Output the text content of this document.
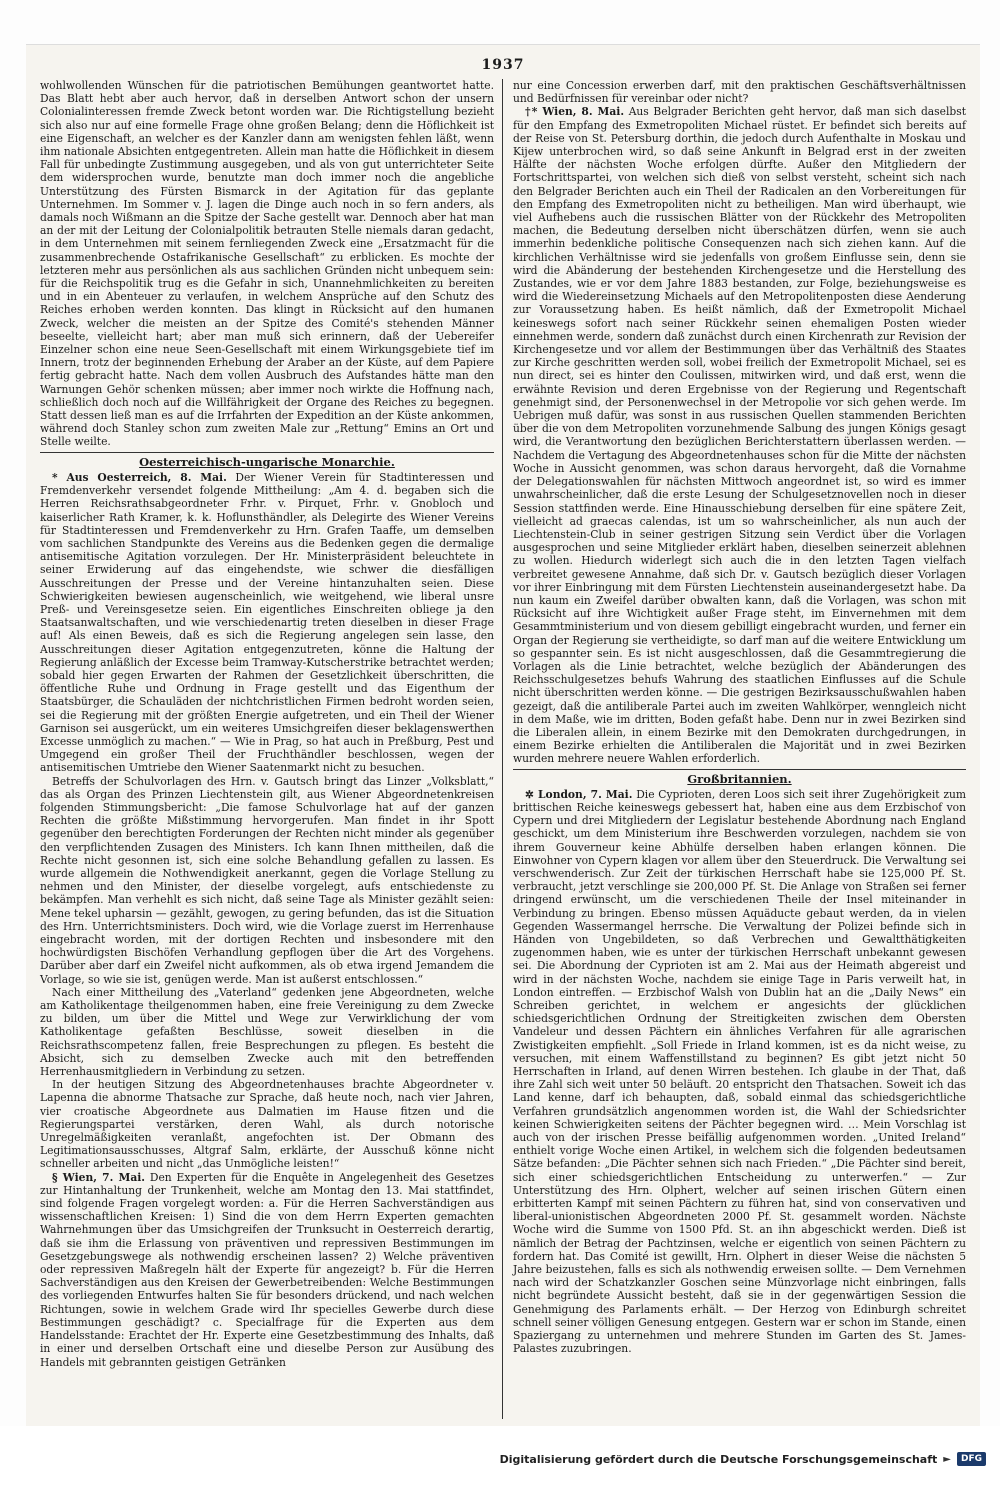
1937

wohlwollenden Wünschen für die patriotischen Bemühungen geantwortet hatte. Das Blatt hebt aber auch hervor, daß in derselben Antwort schon der unsern Colonialinteressen fremde Zweck betont worden war. Die Richtigstellung bezieht sich also nur auf eine formelle Frage ohne großen Belang; denn die Höflichkeit ist eine Eigenschaft, an welcher es der Kanzler dann am wenigsten fehlen läßt, wenn ihm nationale Absichten entgegentreten. Allein man hatte die Höflichkeit in diesem Fall für unbedingte Zustimmung ausgegeben, und als von gut unterrichteter Seite dem widersprochen wurde, benutzte man doch immer noch die angebliche Unterstützung des Fürsten Bismarck in der Agitation für das geplante Unternehmen. Im Sommer v. J. lagen die Dinge auch noch in so fern anders, als damals noch Wißmann an die Spitze der Sache gestellt war. Dennoch aber hat man an der mit der Leitung der Colonialpolitik betrauten Stelle niemals daran gedacht, in dem Unternehmen mit seinem fernliegenden Zweck eine „Ersatzmacht für die zusammenbrechende Ostafrikanische Gesellschaft“ zu erblicken. Es mochte der letzteren mehr aus persönlichen als aus sachlichen Gründen nicht unbequem sein: für die Reichspolitik trug es die Gefahr in sich, Unannehmlichkeiten zu bereiten und in ein Abenteuer zu verlaufen, in welchem Ansprüche auf den Schutz des Reiches erhoben werden konnten. Das klingt in Rücksicht auf den humanen Zweck, welcher die meisten an der Spitze des Comité's stehenden Männer beseelte, vielleicht hart; aber man muß sich erinnern, daß der Uebereifer Einzelner schon eine neue Seen-Gesellschaft mit einem Wirkungsgebiete tief im Innern, trotz der beginnenden Erhebung der Araber an der Küste, auf dem Papiere fertig gebracht hatte. Nach dem vollen Ausbruch des Aufstandes hätte man den Warnungen Gehör schenken müssen; aber immer noch wirkte die Hoffnung nach, schließlich doch noch auf die Willfährigkeit der Organe des Reiches zu begegnen. Statt dessen ließ man es auf die Irrfahrten der Expedition an der Küste ankommen, während doch Stanley schon zum zweiten Male zur „Rettung“ Emins an Ort und Stelle weilte.

Oesterreichisch-ungarische Monarchie.

* Aus Oesterreich, 8. Mai. Der Wiener Verein für Stadtinteressen und Fremdenverkehr versendet folgende Mittheilung: „Am 4. d. begaben sich die Herren Reichsrathsabgeordneter Frhr. v. Pirquet, Frhr. v. Gnobloch und kaiserlicher Rath Kramer, k. k. Hoflunsthändler, als Delegirte des Wiener Vereins für Stadtinteressen und Fremdenverkehr zu Hrn. Grafen Taaffe, um demselben vom sachlichen Standpunkte des Vereins aus die Bedenken gegen die dermalige antisemitische Agitation vorzulegen. Der Hr. Ministerpräsident beleuchtete in seiner Erwiderung auf das eingehendste, wie schwer die diesfälligen Ausschreitungen der Presse und der Vereine hintanzuhalten seien. Diese Schwierigkeiten bewiesen augenscheinlich, wie weitgehend, wie liberal unsre Preß- und Vereinsgesetze seien. Ein eigentliches Einschreiten obliege ja den Staatsanwaltschaften, und wie verschiedenartig treten dieselben in dieser Frage auf! Als einen Beweis, daß es sich die Regierung angelegen sein lasse, den Ausschreitungen dieser Agitation entgegenzutreten, könne die Haltung der Regierung anläßlich der Excesse beim Tramway-Kutscherstrike betrachtet werden; sobald hier gegen Erwarten der Rahmen der Gesetzlichkeit überschritten, die öffentliche Ruhe und Ordnung in Frage gestellt und das Eigenthum der Staatsbürger, die Schauläden der nichtchristlichen Firmen bedroht worden seien, sei die Regierung mit der größten Energie aufgetreten, und ein Theil der Wiener Garnison sei ausgerückt, um ein weiteres Umsichgreifen dieser beklagenswerthen Excesse unmöglich zu machen.“ — Wie in Prag, so hat auch in Preßburg, Pest und Umgegend ein großer Theil der Fruchthändler beschlossen, wegen der antisemitischen Umtriebe den Wiener Saatenmarkt nicht zu besuchen.

Betreffs der Schulvorlagen des Hrn. v. Gautsch bringt das Linzer „Volksblatt,“ das als Organ des Prinzen Liechtenstein gilt, aus Wiener Abgeordnetenkreisen folgenden Stimmungsbericht: „Die famose Schulvorlage hat auf der ganzen Rechten die größte Mißstimmung hervorgerufen. Man findet in ihr Spott gegenüber den berechtigten Forderungen der Rechten nicht minder als gegenüber den verpflichtenden Zusagen des Ministers. Ich kann Ihnen mittheilen, daß die Rechte nicht gesonnen ist, sich eine solche Behandlung gefallen zu lassen. Es wurde allgemein die Nothwendigkeit anerkannt, gegen die Vorlage Stellung zu nehmen und den Minister, der dieselbe vorgelegt, aufs entschiedenste zu bekämpfen. Man verhehlt es sich nicht, daß seine Tage als Minister gezählt seien: Mene tekel upharsin — gezählt, gewogen, zu gering befunden, das ist die Situation des Hrn. Unterrichtsministers. Doch wird, wie die Vorlage zuerst im Herrenhause eingebracht worden, mit der dortigen Rechten und insbesondere mit den hochwürdigsten Bischöfen Verhandlung gepflogen über die Art des Vorgehens. Darüber aber darf ein Zweifel nicht aufkommen, als ob etwa irgend Jemandem die Vorlage, so wie sie ist, genügen werde. Man ist außerst entschlossen.“

Nach einer Mittheilung des „Vaterland“ gedenken jene Abgeordneten, welche am Katholikentage theilgenommen haben, eine freie Vereinigung zu dem Zwecke zu bilden, um über die Mittel und Wege zur Verwirklichung der vom Katholikentage gefaßten Beschlüsse, soweit dieselben in die Reichsrathscompetenz fallen, freie Besprechungen zu pflegen. Es besteht die Absicht, sich zu demselben Zwecke auch mit den betreffenden Herrenhausmitgliedern in Verbindung zu setzen.

In der heutigen Sitzung des Abgeordnetenhauses brachte Abgeordneter v. Lapenna die abnorme Thatsache zur Sprache, daß heute noch, nach vier Jahren, vier croatische Abgeordnete aus Dalmatien im Hause fitzen und die Regierungspartei verstärken, deren Wahl, als durch notorische Unregelmäßigkeiten veranlaßt, angefochten ist. Der Obmann des Legitimationsausschusses, Altgraf Salm, erklärte, der Ausschuß könne nicht schneller arbeiten und nicht „das Unmögliche leisten!“

§ Wien, 7. Mai. Den Experten für die Enquête in Angelegenheit des Gesetzes zur Hintanhaltung der Trunkenheit, welche am Montag den 13. Mai stattfindet, sind folgende Fragen vorgelegt worden: a. Für die Herren Sachverständigen aus wissenschaftlichen Kreisen: 1) Sind die von dem Herrn Experten gemachten Wahrnehmungen über das Umsichgreifen der Trunksucht in Oesterreich derartig, daß sie ihm die Erlassung von präventiven und repressiven Bestimmungen im Gesetzgebungswege als nothwendig erscheinen lassen? 2) Welche präventiven oder repressiven Maßregeln hält der Experte für angezeigt? b. Für die Herren Sachverständigen aus den Kreisen der Gewerbetreibenden: Welche Bestimmungen des vorliegenden Entwurfes halten Sie für besonders drückend, und nach welchen Richtungen, sowie in welchem Grade wird Ihr specielles Gewerbe durch diese Bestimmungen geschädigt? c. Specialfrage für die Experten aus dem Handelsstande: Erachtet der Hr. Experte eine Gesetzbestimmung des Inhalts, daß in einer und derselben Ortschaft eine und dieselbe Person zur Ausübung des Handels mit gebrannten geistigen Getränken

nur eine Concession erwerben darf, mit den praktischen Geschäftsverhältnissen und Bedürfnissen für vereinbar oder nicht?

†* Wien, 8. Mai. Aus Belgrader Berichten geht hervor, daß man sich daselbst für den Empfang des Exmetropoliten Michael rüstet. Er befindet sich bereits auf der Reise von St. Petersburg dorthin, die jedoch durch Aufenthalte in Moskau und Kijew unterbrochen wird, so daß seine Ankunft in Belgrad erst in der zweiten Hälfte der nächsten Woche erfolgen dürfte. Außer den Mitgliedern der Fortschrittspartei, von welchen sich dieß von selbst versteht, scheint sich nach den Belgrader Berichten auch ein Theil der Radicalen an den Vorbereitungen für den Empfang des Exmetropoliten nicht zu betheiligen. Man wird überhaupt, wie viel Aufhebens auch die russischen Blätter von der Rückkehr des Metropoliten machen, die Bedeutung derselben nicht überschätzen dürfen, wenn sie auch immerhin bedenkliche politische Consequenzen nach sich ziehen kann. Auf die kirchlichen Verhältnisse wird sie jedenfalls von großem Einflusse sein, denn sie wird die Abänderung der bestehenden Kirchengesetze und die Herstellung des Zustandes, wie er vor dem Jahre 1883 bestanden, zur Folge, beziehungsweise es wird die Wiedereinsetzung Michaels auf den Metropolitenposten diese Aenderung zur Voraussetzung haben. Es heißt nämlich, daß der Exmetropolit Michael keineswegs sofort nach seiner Rückkehr seinen ehemaligen Posten wieder einnehmen werde, sondern daß zunächst durch einen Kirchenrath zur Revision der Kirchengesetze und vor allem der Bestimmungen über das Verhältniß des Staates zur Kirche geschritten werden soll, wobei freilich der Exmetropolit Michael, sei es nun direct, sei es hinter den Coulissen, mitwirken wird, und daß erst, wenn die erwähnte Revision und deren Ergebnisse von der Regierung und Regentschaft genehmigt sind, der Personenwechsel in der Metropolie vor sich gehen werde. Im Uebrigen muß dafür, was sonst in aus russischen Quellen stammenden Berichten über die von dem Metropoliten vorzunehmende Salbung des jungen Königs gesagt wird, die Verantwortung den bezüglichen Berichterstattern überlassen werden. — Nachdem die Vertagung des Abgeordnetenhauses schon für die Mitte der nächsten Woche in Aussicht genommen, was schon daraus hervorgeht, daß die Vornahme der Delegationswahlen für nächsten Mittwoch angeordnet ist, so wird es immer unwahrscheinlicher, daß die erste Lesung der Schulgesetznovellen noch in dieser Session stattfinden werde. Eine Hinausschiebung derselben für eine spätere Zeit, vielleicht ad graecas calendas, ist um so wahrscheinlicher, als nun auch der Liechtenstein-Club in seiner gestrigen Sitzung sein Verdict über die Vorlagen ausgesprochen und seine Mitglieder erklärt haben, dieselben seinerzeit ablehnen zu wollen. Hiedurch widerlegt sich auch die in den letzten Tagen vielfach verbreitet gewesene Annahme, daß sich Dr. v. Gautsch bezüglich dieser Vorlagen vor ihrer Einbringung mit dem Fürsten Liechtenstein auseinandergesetzt habe. Da nun kaum ein Zweifel darüber obwalten kann, daß die Vorlagen, was schon mit Rücksicht auf ihre Wichtigkeit außer Frage steht, im Einvernehmen mit dem Gesammtministerium und von diesem gebilligt eingebracht wurden, und ferner ein Organ der Regierung sie vertheidigte, so darf man auf die weitere Entwicklung um so gespannter sein. Es ist nicht ausgeschlossen, daß die Gesammtregierung die Vorlagen als die Linie betrachtet, welche bezüglich der Abänderungen des Reichsschulgesetzes behufs Wahrung des staatlichen Einflusses auf die Schule nicht überschritten werden könne. — Die gestrigen Bezirksausschußwahlen haben gezeigt, daß die antiliberale Partei auch im zweiten Wahlkörper, wenngleich nicht in dem Maße, wie im dritten, Boden gefaßt habe. Denn nur in zwei Bezirken sind die Liberalen allein, in einem Bezirke mit den Demokraten durchgedrungen, in einem Bezirke erhielten die Antiliberalen die Majorität und in zwei Bezirken wurden mehrere neuere Wahlen erforderlich.

Großbritannien.

✲ London, 7. Mai. Die Cyprioten, deren Loos sich seit ihrer Zugehörigkeit zum brittischen Reiche keineswegs gebessert hat, haben eine aus dem Erzbischof von Cypern und drei Mitgliedern der Legislatur bestehende Abordnung nach England geschickt, um dem Ministerium ihre Beschwerden vorzulegen, nachdem sie von ihrem Gouverneur keine Abhülfe derselben haben erlangen können. Die Einwohner von Cypern klagen vor allem über den Steuerdruck. Die Verwaltung sei verschwenderisch. Zur Zeit der türkischen Herrschaft habe sie 125,000 Pf. St. verbraucht, jetzt verschlinge sie 200,000 Pf. St. Die Anlage von Straßen sei ferner dringend erwünscht, um die verschiedenen Theile der Insel miteinander in Verbindung zu bringen. Ebenso müssen Aquäducte gebaut werden, da in vielen Gegenden Wassermangel herrsche. Die Verwaltung der Polizei befinde sich in Händen von Ungebildeten, so daß Verbrechen und Gewaltthätigkeiten zugenommen haben, wie es unter der türkischen Herrschaft unbekannt gewesen sei. Die Abordnung der Cyprioten ist am 2. Mai aus der Heimath abgereist und wird in der nächsten Woche, nachdem sie einige Tage in Paris verweilt hat, in London eintreffen. — Erzbischof Walsh von Dublin hat an die „Daily News“ ein Schreiben gerichtet, in welchem er angesichts der glücklichen schiedsgerichtlichen Ordnung der Streitigkeiten zwischen dem Obersten Vandeleur und dessen Pächtern ein ähnliches Verfahren für alle agrarischen Zwistigkeiten empfiehlt. „Soll Friede in Irland kommen, ist es da nicht weise, zu versuchen, mit einem Waffenstillstand zu beginnen? Es gibt jetzt nicht 50 Herrschaften in Irland, auf denen Wirren bestehen. Ich glaube in der That, daß ihre Zahl sich weit unter 50 beläuft. 20 entspricht den Thatsachen. Soweit ich das Land kenne, darf ich behaupten, daß, sobald einmal das schiedsgerichtliche Verfahren grundsätzlich angenommen worden ist, die Wahl der Schiedsrichter keinen Schwierigkeiten seitens der Pächter begegnen wird. … Mein Vorschlag ist auch von der irischen Presse beifällig aufgenommen worden. „United Ireland“ enthielt vorige Woche einen Artikel, in welchem sich die folgenden bedeutsamen Sätze befanden: „Die Pächter sehnen sich nach Frieden.“ „Die Pächter sind bereit, sich einer schiedsgerichtlichen Entscheidung zu unterwerfen.“ — Zur Unterstützung des Hrn. Olphert, welcher auf seinen irischen Gütern einen erbitterten Kampf mit seinen Pächtern zu führen hat, sind von conservativen und liberal-unionistischen Abgeordneten 2000 Pf. St. gesammelt worden. Nächste Woche wird die Summe von 1500 Pfd. St. an ihn abgeschickt werden. Dieß ist nämlich der Betrag der Pachtzinsen, welche er eigentlich von seinen Pächtern zu fordern hat. Das Comité ist gewillt, Hrn. Olphert in dieser Weise die nächsten 5 Jahre beizustehen, falls es sich als nothwendig erweisen sollte. — Dem Vernehmen nach wird der Schatzkanzler Goschen seine Münzvorlage nicht einbringen, falls nicht begründete Aussicht besteht, daß sie in der gegenwärtigen Session die Genehmigung des Parlaments erhält. — Der Herzog von Edinburgh schreitet schnell seiner völligen Genesung entgegen. Gestern war er schon im Stande, einen Spaziergang zu unternehmen und mehrere Stunden im Garten des St. James-Palastes zuzubringen.

Digitalisierung gefördert durch die Deutsche Forschungsgemeinschaft ►	DFG
